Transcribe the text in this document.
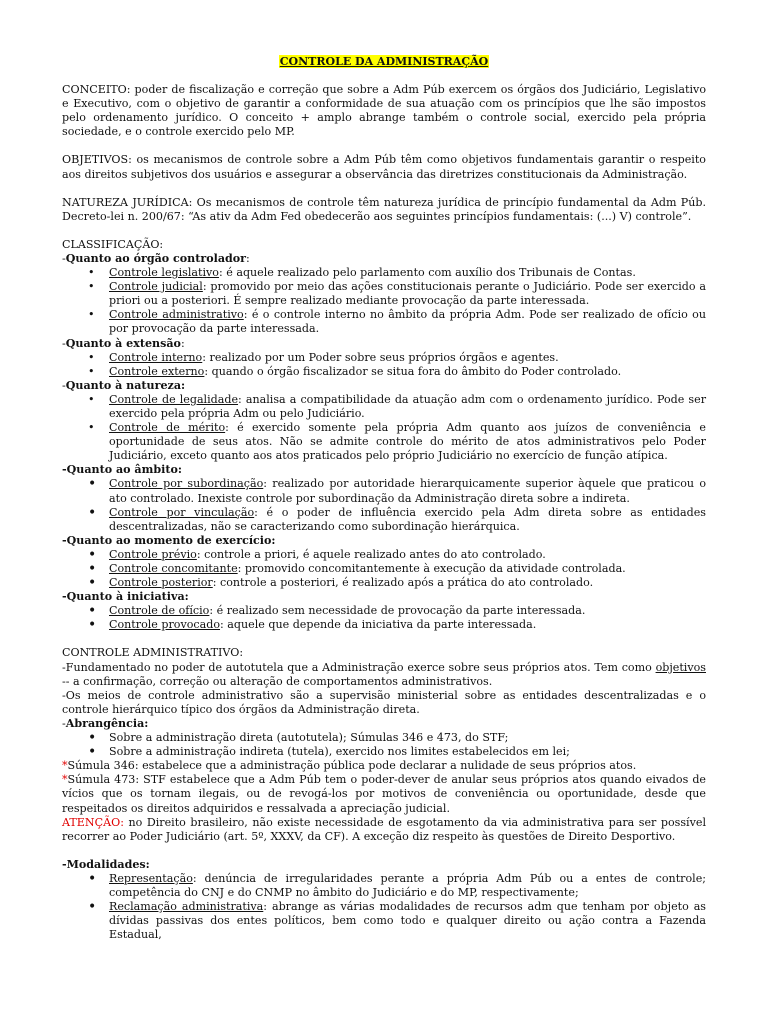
CONTROLE DA ADMINISTRAÇÃO

CONCEITO: poder de fiscalização e correção que sobre a Adm Púb exercem os órgãos dos Judiciário, Legislativo e Executivo, com o objetivo de garantir a conformidade de sua atuação com os princípios que lhe são impostos pelo ordenamento jurídico. O conceito + amplo abrange também o controle social, exercido pela própria sociedade, e o controle exercido pelo MP.

OBJETIVOS: os mecanismos de controle sobre a Adm Púb têm como objetivos fundamentais garantir o respeito aos direitos subjetivos dos usuários e assegurar a observância das diretrizes constitucionais da Administração.

NATUREZA JURÍDICA: Os mecanismos de controle têm natureza jurídica de princípio fundamental da Adm Púb. Decreto-lei n. 200/67: “As ativ da Adm Fed obedecerão aos seguintes princípios fundamentais: (...) V) controle”.

CLASSIFICAÇÃO:

-Quanto ao órgão controlador:

• Controle legislativo: é aquele realizado pelo parlamento com auxílio dos Tribunais de Contas.
• Controle judicial: promovido por meio das ações constitucionais perante o Judiciário. Pode ser exercido a priori ou a posteriori. É sempre realizado mediante provocação da parte interessada.
• Controle administrativo: é o controle interno no âmbito da própria Adm. Pode ser realizado de ofício ou por provocação da parte interessada.

-Quanto à extensão:

• Controle interno: realizado por um Poder sobre seus próprios órgãos e agentes.
• Controle externo: quando o órgão fiscalizador se situa fora do âmbito do Poder controlado.

-Quanto à natureza:

• Controle de legalidade: analisa a compatibilidade da atuação adm com o ordenamento jurídico. Pode ser exercido pela própria Adm ou pelo Judiciário.
• Controle de mérito: é exercido somente pela própria Adm quanto aos juízos de conveniência e oportunidade de seus atos. Não se admite controle do mérito de atos administrativos pelo Poder Judiciário, exceto quanto aos atos praticados pelo próprio Judiciário no exercício de função atípica.

-Quanto ao âmbito:

• Controle por subordinação: realizado por autoridade hierarquicamente superior àquele que praticou o ato controlado. Inexiste controle por subordinação da Administração direta sobre a indireta.
• Controle por vinculação: é o poder de influência exercido pela Adm direta sobre as entidades descentralizadas, não se caracterizando como subordinação hierárquica.

-Quanto ao momento de exercício:

• Controle prévio: controle a priori, é aquele realizado antes do ato controlado.
• Controle concomitante: promovido concomitantemente à execução da atividade controlada.
• Controle posterior: controle a posteriori, é realizado após a prática do ato controlado.

-Quanto à iniciativa:

• Controle de ofício: é realizado sem necessidade de provocação da parte interessada.
• Controle provocado: aquele que depende da iniciativa da parte interessada.

CONTROLE ADMINISTRATIVO:

-Fundamentado no poder de autotutela que a Administração exerce sobre seus próprios atos. Tem como objetivos -- a confirmação, correção ou alteração de comportamentos administrativos.

-Os meios de controle administrativo são a supervisão ministerial sobre as entidades descentralizadas e o controle hierárquico típico dos órgãos da Administração direta.

-Abrangência:

• Sobre a administração direta (autotutela); Súmulas 346 e 473, do STF;
• Sobre a administração indireta (tutela), exercido nos limites estabelecidos em lei;

*Súmula 346: estabelece que a administração pública pode declarar a nulidade de seus próprios atos.

*Súmula 473: STF estabelece que a Adm Púb tem o poder-dever de anular seus próprios atos quando eivados de vícios que os tornam ilegais, ou de revogá-los por motivos de conveniência ou oportunidade, desde que respeitados os direitos adquiridos e ressalvada a apreciação judicial.

ATENÇÃO: no Direito brasileiro, não existe necessidade de esgotamento da via administrativa para ser possível recorrer ao Poder Judiciário (art. 5º, XXXV, da CF). A exceção diz respeito às questões de Direito Desportivo.

-Modalidades:

• Representação: denúncia de irregularidades perante a própria Adm Púb ou a entes de controle; competência do CNJ e do CNMP no âmbito do Judiciário e do MP, respectivamente;
• Reclamação administrativa: abrange as várias modalidades de recursos adm que tenham por objeto as dívidas passivas dos entes políticos, bem como todo e qualquer direito ou ação contra a Fazenda Estadual,
